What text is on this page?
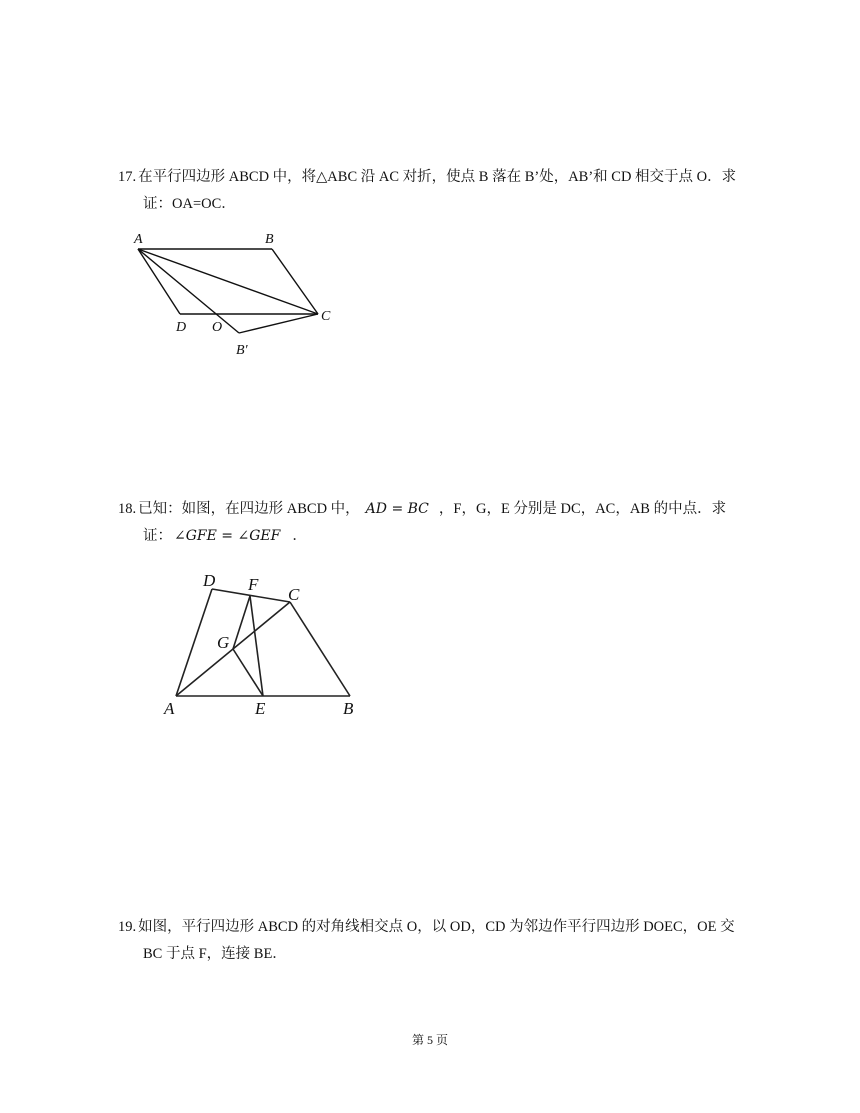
17. 在平行四边形 ABCD 中，将△ABC 沿 AC 对折，使点 B 落在 B’处，AB’和 CD 相交于点 O．求
证：OA=OC．
A	B
C
D O
B′
18. 已知：如图，在四边形 ABCD 中， AD = BC ，F，G，E 分别是 DC，AC，AB 的中点．求
证： ∠GFE = ∠GEF ．
D F
C
G
A	E	B
19. 如图，平行四边形 ABCD 的对角线相交点 O，以 OD，CD 为邻边作平行四边形 DOEC，OE 交
BC 于点 F，连接 BE．
第 5 页
